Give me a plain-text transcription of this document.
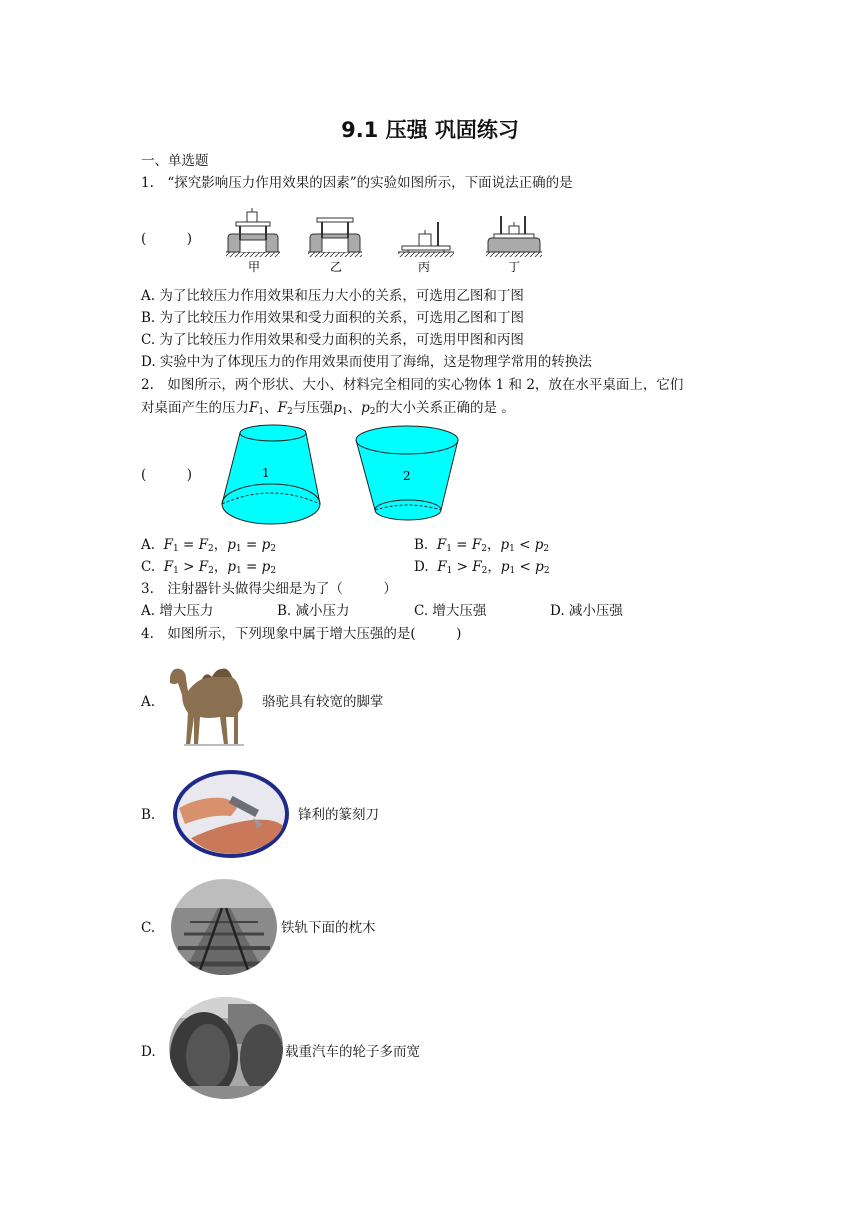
9.1 压强 巩固练习
一、单选题
1.　“探究影响压力作用效果的因素”的实验如图所示，下面说法正确的是
(　　　)
甲	乙	丙	丁
A. 为了比较压力作用效果和压力大小的关系，可选用乙图和丁图
B. 为了比较压力作用效果和受力面积的关系，可选用乙图和丁图
C. 为了比较压力作用效果和受力面积的关系，可选用甲图和丙图
D. 实验中为了体现压力的作用效果而使用了海绵，这是物理学常用的转换法
2.　如图所示，两个形状、大小、材料完全相同的实心物体 1 和 2，放在水平桌面上，它们
对桌面产生的压力$F_1$、$F_2$与压强$p_1$、$p_2$的大小关系正确的是 。
(　　　)	1	2
A. $F_1 = F_2$，$p_1 = p_2$	B. $F_1 = F_2$，$p_1 < p_2$
C. $F_1 > F_2$，$p_1 = p_2$	D. $F_1 > F_2$，$p_1 < p_2$
3.　注射器针头做得尖细是为了（　　　）
A. 增大压力	B. 减小压力	C. 增大压强	D. 减小压强
4.　如图所示，下列现象中属于增大压强的是(　　　)
A.	骆驼具有较宽的脚掌
B.	锋利的篆刻刀
C.	铁轨下面的枕木
D.	载重汽车的轮子多而宽
